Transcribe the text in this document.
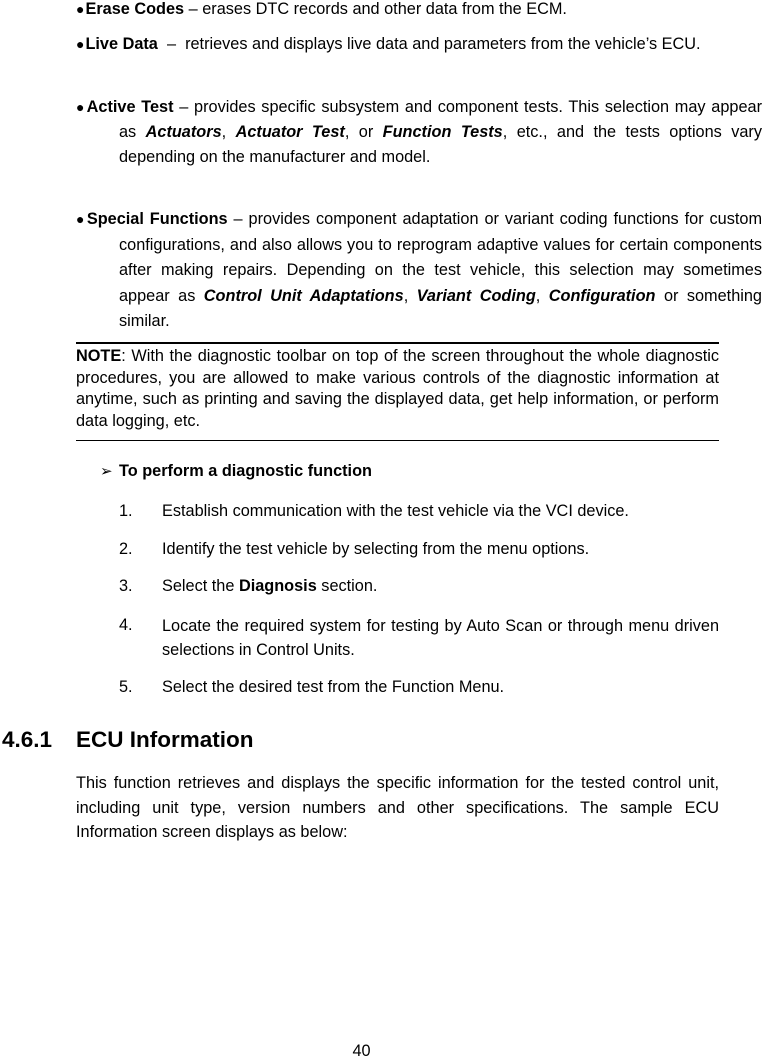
●Erase Codes – erases DTC records and other data from the ECM.
●Live Data – retrieves and displays live data and parameters from the vehicle’s ECU.
●Active Test – provides specific subsystem and component tests. This selection may appear as Actuators, Actuator Test, or Function Tests, etc., and the tests options vary depending on the manufacturer and model.
●Special Functions – provides component adaptation or variant coding functions for custom configurations, and also allows you to reprogram adaptive values for certain components after making repairs. Depending on the test vehicle, this selection may sometimes appear as Control Unit Adaptations, Variant Coding, Configuration or something similar.
NOTE: With the diagnostic toolbar on top of the screen throughout the whole diagnostic procedures, you are allowed to make various controls of the diagnostic information at anytime, such as printing and saving the displayed data, get help information, or perform data logging, etc.
➢ To perform a diagnostic function
1. Establish communication with the test vehicle via the VCI device.
2. Identify the test vehicle by selecting from the menu options.
3. Select the Diagnosis section.
4. Locate the required system for testing by Auto Scan or through menu driven selections in Control Units.
5. Select the desired test from the Function Menu.
4.6.1 ECU Information
This function retrieves and displays the specific information for the tested control unit, including unit type, version numbers and other specifications. The sample ECU Information screen displays as below:
40
